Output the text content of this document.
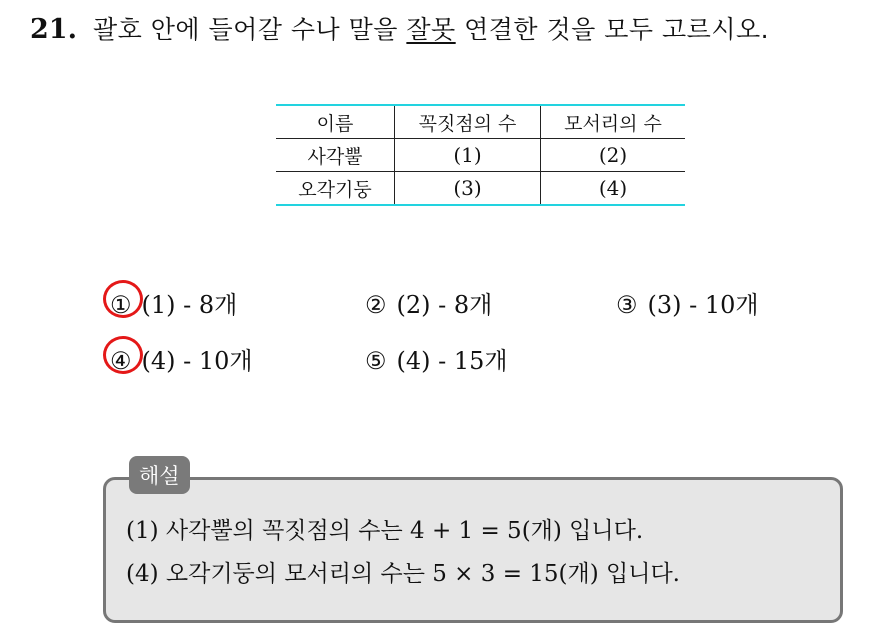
21. 괄호 안에 들어갈 수나 말을 잘못 연결한 것을 모두 고르시오.
이름	꼭짓점의 수	모서리의 수
사각뿔	(1)	(2)
오각기둥	(3)	(4)
① (1) - 8개	② (2) - 8개	③ (3) - 10개
④ (4) - 10개	⑤ (4) - 15개
해설
(1) 사각뿔의 꼭짓점의 수는 4 + 1 = 5(개) 입니다.
(4) 오각기둥의 모서리의 수는 5 × 3 = 15(개) 입니다.
